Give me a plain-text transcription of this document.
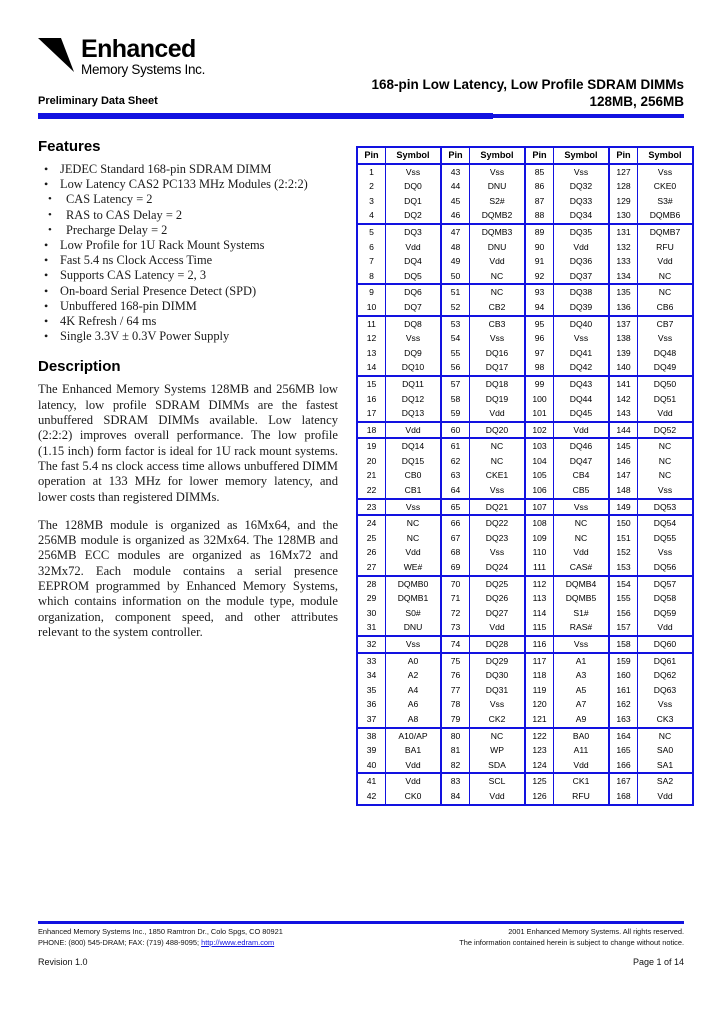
Enhanced
Memory Systems Inc.
Preliminary Data Sheet
168-pin Low Latency, Low Profile SDRAM DIMMs
128MB, 256MB
Features
• JEDEC Standard 168-pin SDRAM DIMM
• Low Latency CAS2 PC133 MHz Modules (2:2:2)
• CAS Latency = 2
• RAS to CAS Delay = 2
• Precharge Delay = 2
• Low Profile for 1U Rack Mount Systems
• Fast 5.4 ns Clock Access Time
• Supports CAS Latency = 2, 3
• On-board Serial Presence Detect (SPD)
• Unbuffered 168-pin DIMM
• 4K Refresh / 64 ms
• Single 3.3V ± 0.3V Power Supply
Description

The Enhanced Memory Systems 128MB and 256MB low latency, low profile SDRAM DIMMs are the fastest unbuffered SDRAM DIMMs available. Low latency (2:2:2) improves overall performance. The low profile (1.15 inch) form factor is ideal for 1U rack mount systems. The fast 5.4 ns clock access time allows unbuffered DIMM operation at 133 MHz for lower memory latency, and lower costs than registered DIMMs.

The 128MB module is organized as 16Mx64, and the 256MB module is organized as 32Mx64. The 128MB and 256MB ECC modules are organized as 16Mx72 and 32Mx72. Each module contains a serial presence EEPROM programmed by Enhanced Memory Systems, which contains information on the module type, module organization, component speed, and other attributes relevant to the system controller.

Pin	Symbol	Pin	Symbol	Pin	Symbol	Pin	Symbol
1	Vss	43	Vss	85	Vss	127	Vss
2	DQ0	44	DNU	86	DQ32	128	CKE0
3	DQ1	45	S2#	87	DQ33	129	S3#
4	DQ2	46	DQMB2	88	DQ34	130	DQMB6
5	DQ3	47	DQMB3	89	DQ35	131	DQMB7
6	Vdd	48	DNU	90	Vdd	132	RFU
7	DQ4	49	Vdd	91	DQ36	133	Vdd
8	DQ5	50	NC	92	DQ37	134	NC
9	DQ6	51	NC	93	DQ38	135	NC
10	DQ7	52	CB2	94	DQ39	136	CB6
11	DQ8	53	CB3	95	DQ40	137	CB7
12	Vss	54	Vss	96	Vss	138	Vss
13	DQ9	55	DQ16	97	DQ41	139	DQ48
14	DQ10	56	DQ17	98	DQ42	140	DQ49
15	DQ11	57	DQ18	99	DQ43	141	DQ50
16	DQ12	58	DQ19	100	DQ44	142	DQ51
17	DQ13	59	Vdd	101	DQ45	143	Vdd
18	Vdd	60	DQ20	102	Vdd	144	DQ52
19	DQ14	61	NC	103	DQ46	145	NC
20	DQ15	62	NC	104	DQ47	146	NC
21	CB0	63	CKE1	105	CB4	147	NC
22	CB1	64	Vss	106	CB5	148	Vss
23	Vss	65	DQ21	107	Vss	149	DQ53
24	NC	66	DQ22	108	NC	150	DQ54
25	NC	67	DQ23	109	NC	151	DQ55
26	Vdd	68	Vss	110	Vdd	152	Vss
27	WE#	69	DQ24	111	CAS#	153	DQ56
28	DQMB0	70	DQ25	112	DQMB4	154	DQ57
29	DQMB1	71	DQ26	113	DQMB5	155	DQ58
30	S0#	72	DQ27	114	S1#	156	DQ59
31	DNU	73	Vdd	115	RAS#	157	Vdd
32	Vss	74	DQ28	116	Vss	158	DQ60
33	A0	75	DQ29	117	A1	159	DQ61
34	A2	76	DQ30	118	A3	160	DQ62
35	A4	77	DQ31	119	A5	161	DQ63
36	A6	78	Vss	120	A7	162	Vss
37	A8	79	CK2	121	A9	163	CK3
38	A10/AP	80	NC	122	BA0	164	NC
39	BA1	81	WP	123	A11	165	SA0
40	Vdd	82	SDA	124	Vdd	166	SA1
41	Vdd	83	SCL	125	CK1	167	SA2
42	CK0	84	Vdd	126	RFU	168	Vdd
Enhanced Memory Systems Inc., 1850 Ramtron Dr., Colo Spgs, CO 80921
PHONE: (800) 545-DRAM; FAX: (719) 488-9095; http://www.edram.com
2001 Enhanced Memory Systems. All rights reserved.
The information contained herein is subject to change without notice.
Revision 1.0	Page 1 of 14
